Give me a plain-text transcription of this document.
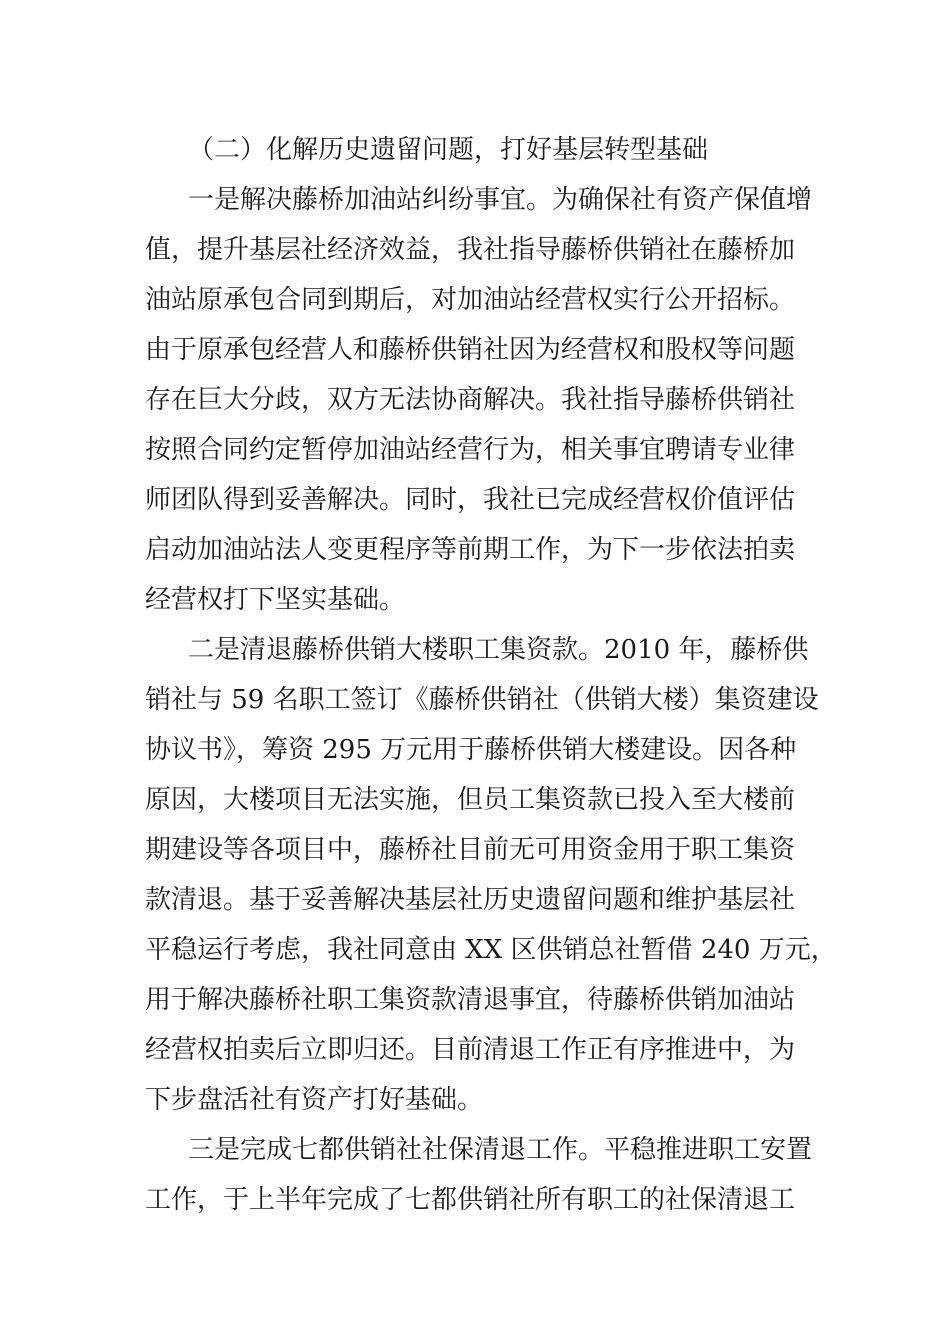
（二）化解历史遗留问题，打好基层转型基础
一是解决藤桥加油站纠纷事宜。为确保社有资产保值增
值，提升基层社经济效益，我社指导藤桥供销社在藤桥加
油站原承包合同到期后，对加油站经营权实行公开招标。
由于原承包经营人和藤桥供销社因为经营权和股权等问题
存在巨大分歧，双方无法协商解决。我社指导藤桥供销社
按照合同约定暂停加油站经营行为，相关事宜聘请专业律
师团队得到妥善解决。同时，我社已完成经营权价值评估
启动加油站法人变更程序等前期工作，为下一步依法拍卖
经营权打下坚实基础。
二是清退藤桥供销大楼职工集资款。2010 年，藤桥供
销社与 59 名职工签订《藤桥供销社（供销大楼）集资建设
协议书》，筹资 295 万元用于藤桥供销大楼建设。因各种
原因，大楼项目无法实施，但员工集资款已投入至大楼前
期建设等各项目中，藤桥社目前无可用资金用于职工集资
款清退。基于妥善解决基层社历史遗留问题和维护基层社
平稳运行考虑，我社同意由 XX 区供销总社暂借 240 万元，
用于解决藤桥社职工集资款清退事宜，待藤桥供销加油站
经营权拍卖后立即归还。目前清退工作正有序推进中，为
下步盘活社有资产打好基础。
三是完成七都供销社社保清退工作。平稳推进职工安置
工作，于上半年完成了七都供销社所有职工的社保清退工
